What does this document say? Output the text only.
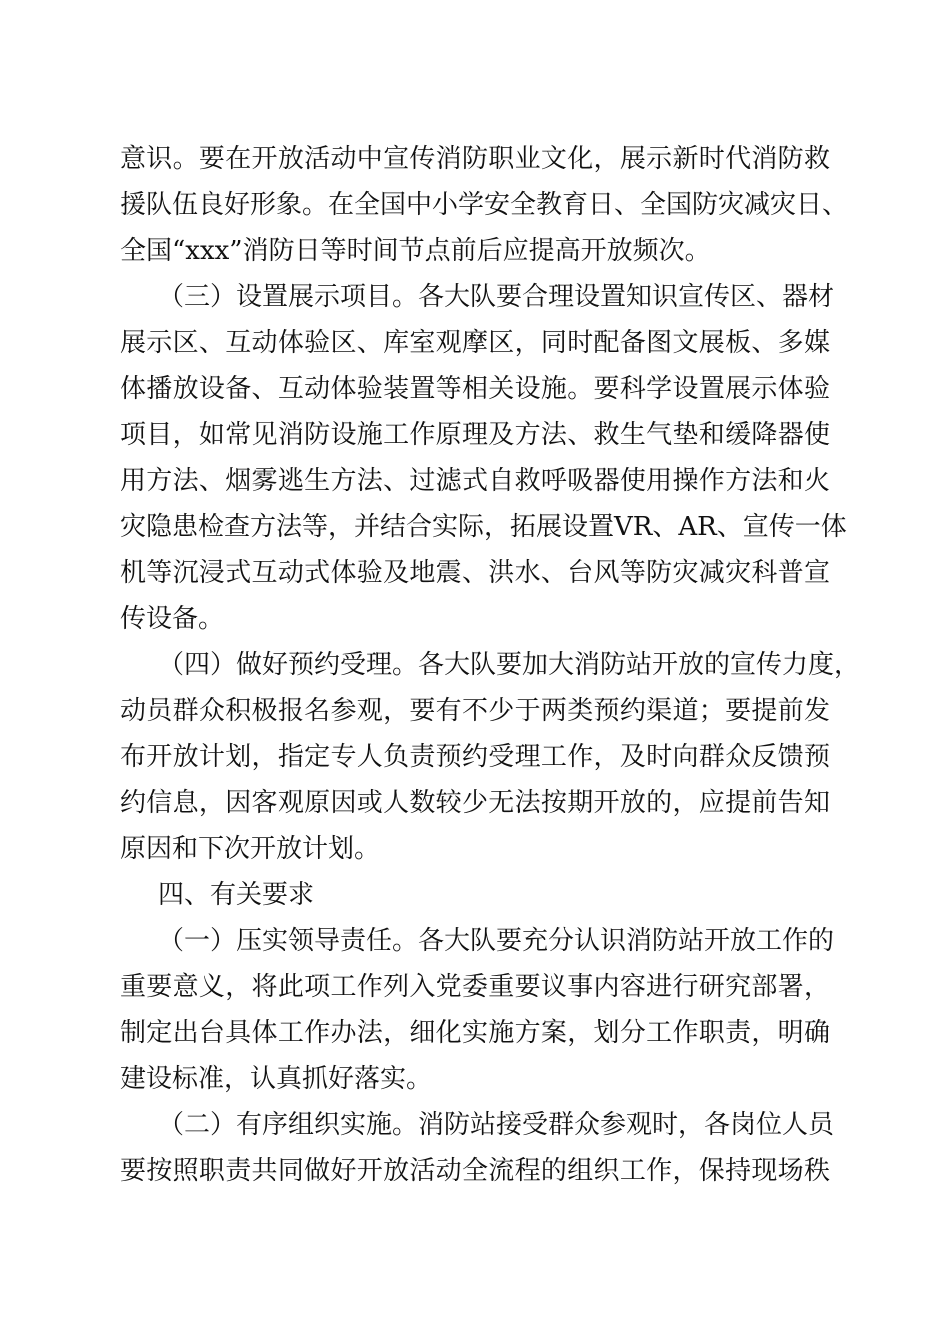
意识。要在开放活动中宣传消防职业文化，展示新时代消防救
援队伍良好形象。在全国中小学安全教育日、全国防灾减灾日、
全国“xxx”消防日等时间节点前后应提高开放频次。
（三）设置展示项目。各大队要合理设置知识宣传区、器材
展示区、互动体验区、库室观摩区，同时配备图文展板、多媒
体播放设备、互动体验装置等相关设施。要科学设置展示体验
项目，如常见消防设施工作原理及方法、救生气垫和缓降器使
用方法、烟雾逃生方法、过滤式自救呼吸器使用操作方法和火
灾隐患检查方法等，并结合实际，拓展设置VR、AR、宣传一体
机等沉浸式互动式体验及地震、洪水、台风等防灾减灾科普宣
传设备。
（四）做好预约受理。各大队要加大消防站开放的宣传力度，
动员群众积极报名参观，要有不少于两类预约渠道；要提前发
布开放计划，指定专人负责预约受理工作，及时向群众反馈预
约信息，因客观原因或人数较少无法按期开放的，应提前告知
原因和下次开放计划。
四、有关要求
（一）压实领导责任。各大队要充分认识消防站开放工作的
重要意义，将此项工作列入党委重要议事内容进行研究部署，
制定出台具体工作办法，细化实施方案，划分工作职责，明确
建设标准，认真抓好落实。
（二）有序组织实施。消防站接受群众参观时，各岗位人员
要按照职责共同做好开放活动全流程的组织工作，保持现场秩
